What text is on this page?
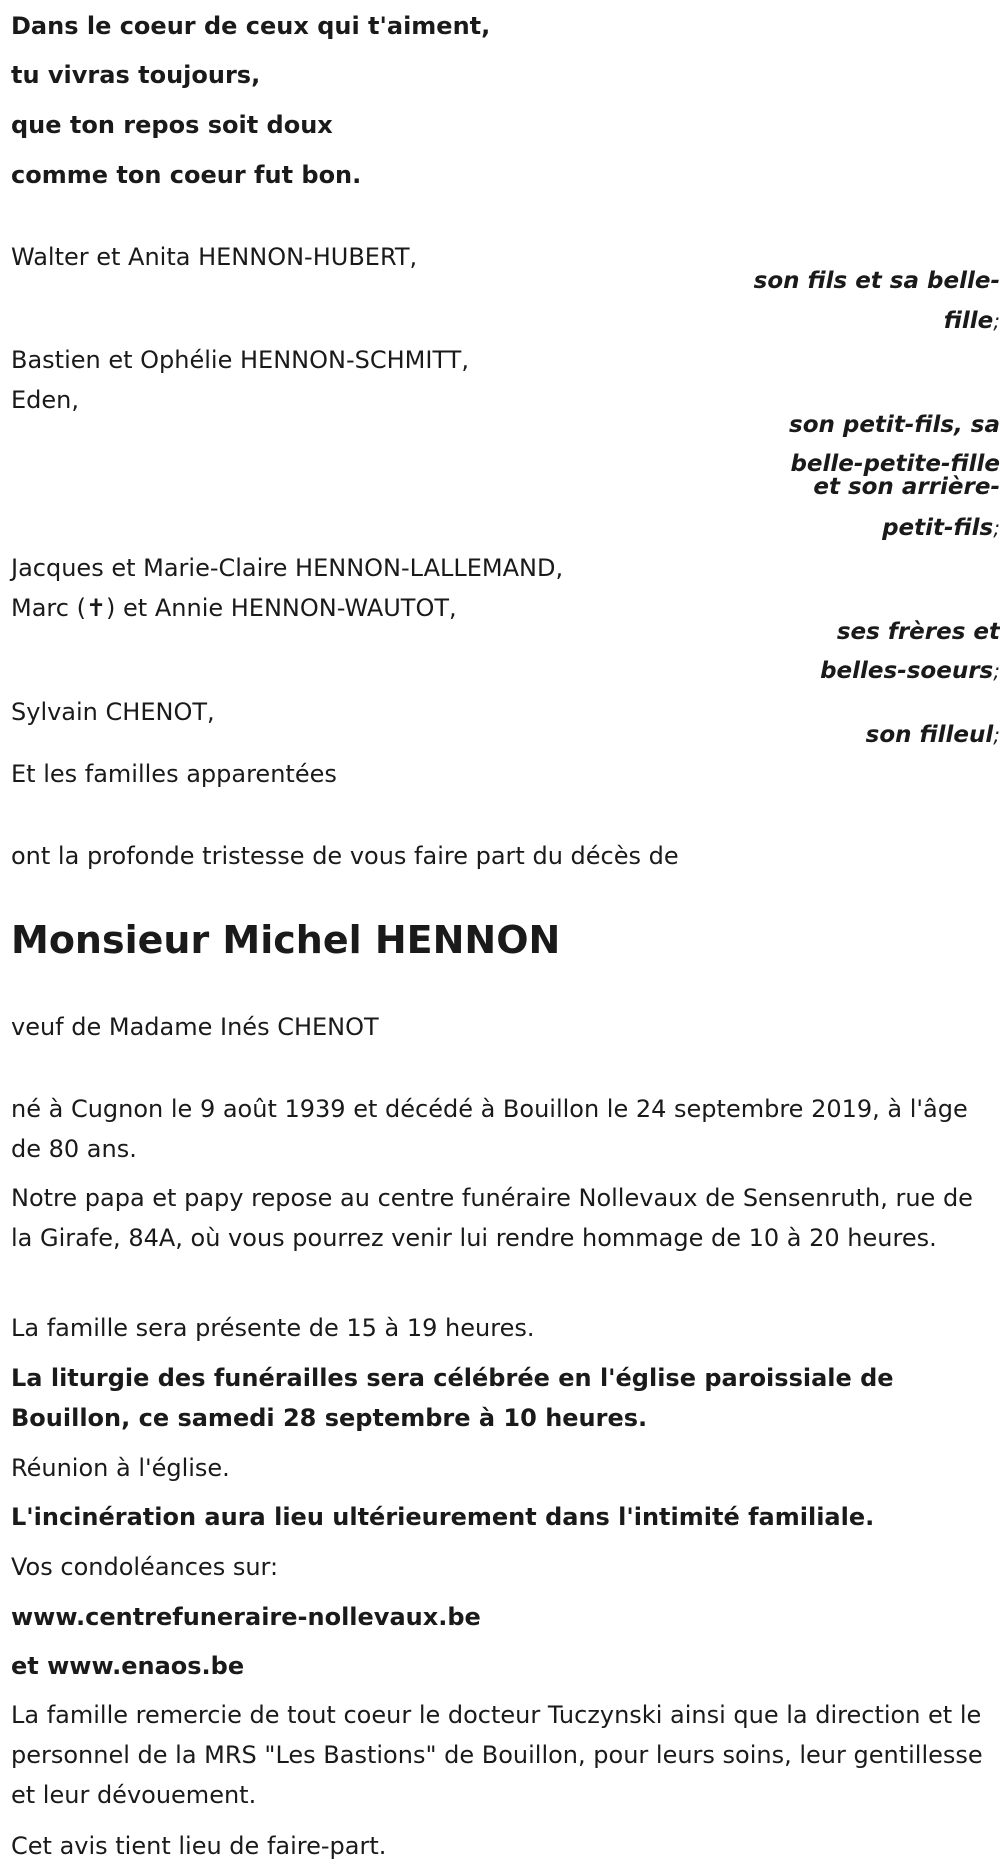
Dans le coeur de ceux qui t'aiment,
tu vivras toujours,
que ton repos soit doux
comme ton coeur fut bon.
Walter et Anita HENNON-HUBERT,
son fils et sa belle-
fille;
Bastien et Ophélie HENNON-SCHMITT,
Eden,
son petit-fils, sa
belle-petite-fille
et son arrière-
petit-fils;
Jacques et Marie-Claire HENNON-LALLEMAND,
Marc (✝) et Annie HENNON-WAUTOT,
ses frères et
belles-soeurs;
Sylvain CHENOT,
son filleul;
Et les familles apparentées
ont la profonde tristesse de vous faire part du décès de
Monsieur Michel HENNON
veuf de Madame Inés CHENOT
né à Cugnon le 9 août 1939 et décédé à Bouillon le 24 septembre 2019, à l'âge de 80 ans.
Notre papa et papy repose au centre funéraire Nollevaux de Sensenruth, rue de la Girafe, 84A, où vous pourrez venir lui rendre hommage de 10 à 20 heures.
La famille sera présente de 15 à 19 heures.
La liturgie des funérailles sera célébrée en l'église paroissiale de Bouillon, ce samedi 28 septembre à 10 heures.
Réunion à l'église.
L'incinération aura lieu ultérieurement dans l'intimité familiale.
Vos condoléances sur:
www.centrefuneraire-nollevaux.be
et www.enaos.be
La famille remercie de tout coeur le docteur Tuczynski ainsi que la direction et le personnel de la MRS "Les Bastions" de Bouillon, pour leurs soins, leur gentillesse et leur dévouement.
Cet avis tient lieu de faire-part.
